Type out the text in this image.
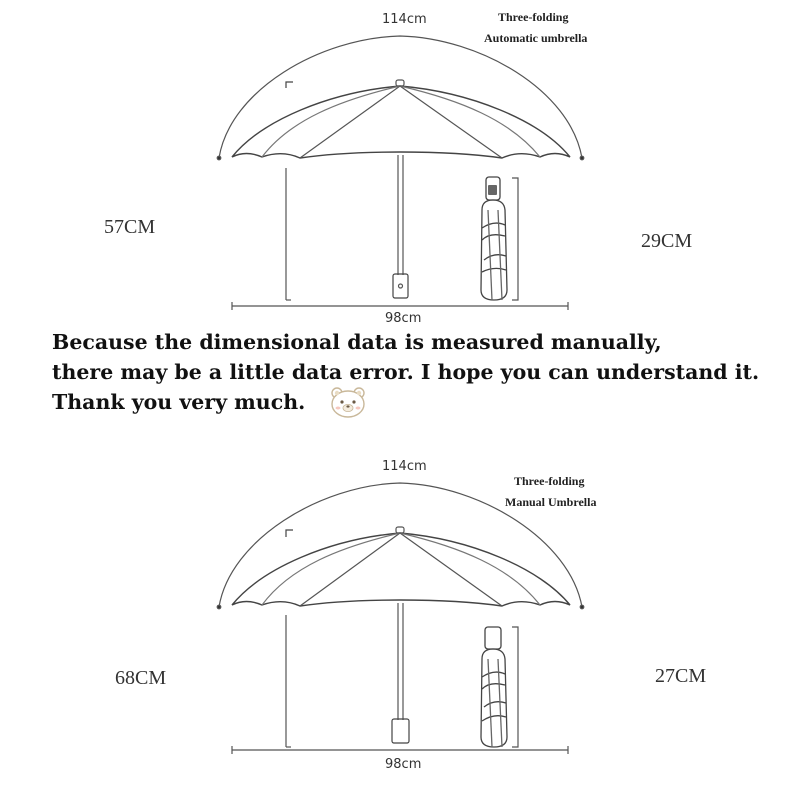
114cm	Three-folding
Automatic umbrella
57CM
29CM
98cm
Because the dimensional data is measured manually,
there may be a little data error. I hope you can understand it.
Thank you very much.
114cm
Three-folding
Manual Umbrella
68CM	27CM
98cm
